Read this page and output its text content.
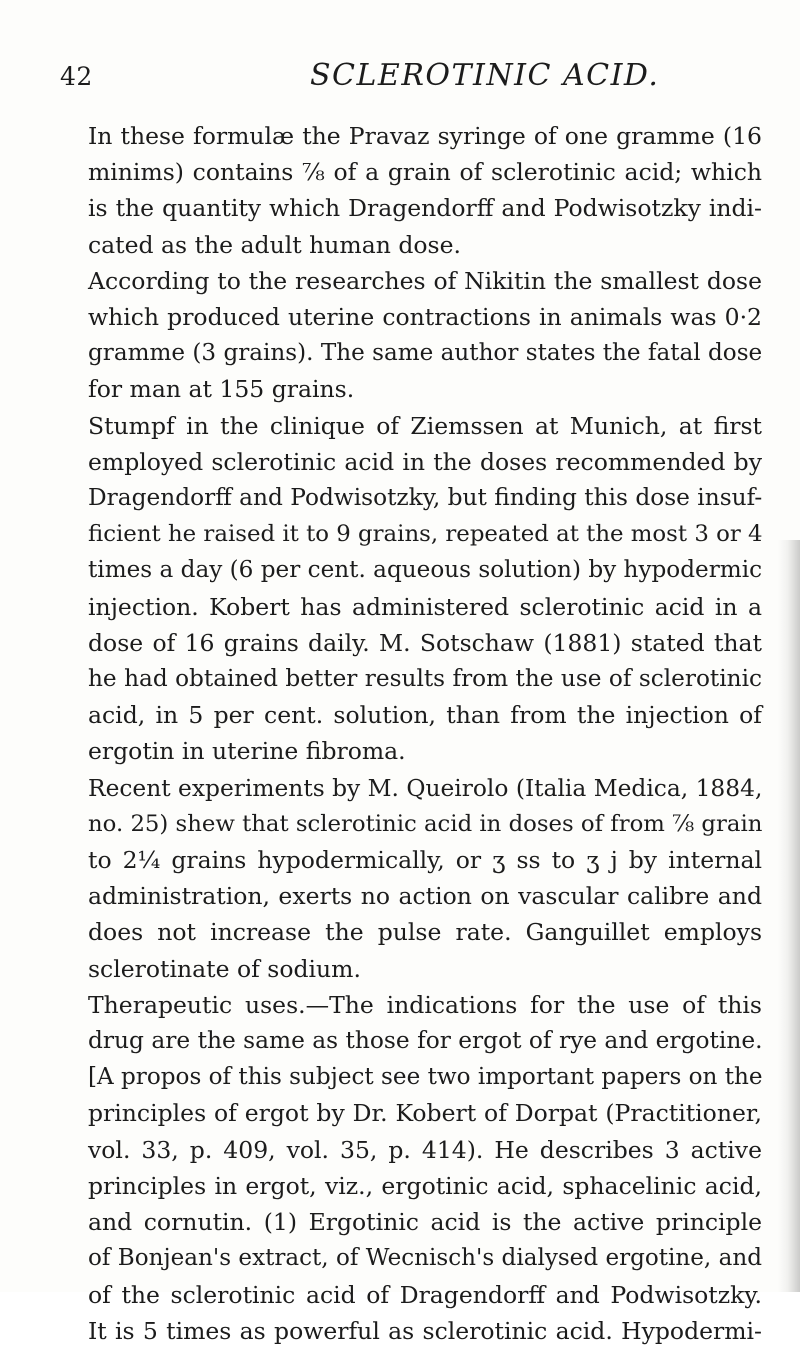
42	SCLEROTINIC ACID.

In these formulæ the Pravaz syringe of one gramme (16
minims) contains ⅞ of a grain of sclerotinic acid; which
is the quantity which Dragendorff and Podwisotzky indi-
cated as the adult human dose.

According to the researches of Nikitin the smallest dose
which produced uterine contractions in animals was 0·2
gramme (3 grains). The same author states the fatal dose
for man at 155 grains.

Stumpf in the clinique of Ziemssen at Munich, at first
employed sclerotinic acid in the doses recommended by
Dragendorff and Podwisotzky, but finding this dose insuf-
ficient he raised it to 9 grains, repeated at the most 3 or 4
times a day (6 per cent. aqueous solution) by hypodermic
injection. Kobert has administered sclerotinic acid in a
dose of 16 grains daily. M. Sotschaw (1881) stated that
he had obtained better results from the use of sclerotinic
acid, in 5 per cent. solution, than from the injection of
ergotin in uterine fibroma.

Recent experiments by M. Queirolo (Italia Medica, 1884,
no. 25) shew that sclerotinic acid in doses of from ⅞ grain
to 2¼ grains hypodermically, or ʒ ss to ʒ j by internal
administration, exerts no action on vascular calibre and
does not increase the pulse rate. Ganguillet employs
sclerotinate of sodium.

Therapeutic uses.—The indications for the use of this
drug are the same as those for ergot of rye and ergotine.
[A propos of this subject see two important papers on the
principles of ergot by Dr. Kobert of Dorpat (Practitioner,
vol. 33, p. 409, vol. 35, p. 414). He describes 3 active
principles in ergot, viz., ergotinic acid, sphacelinic acid,
and cornutin. (1) Ergotinic acid is the active principle
of Bonjean's extract, of Wecnisch's dialysed ergotine, and
of the sclerotinic acid of Dragendorff and Podwisotzky.
It is 5 times as powerful as sclerotinic acid. Hypodermi-
